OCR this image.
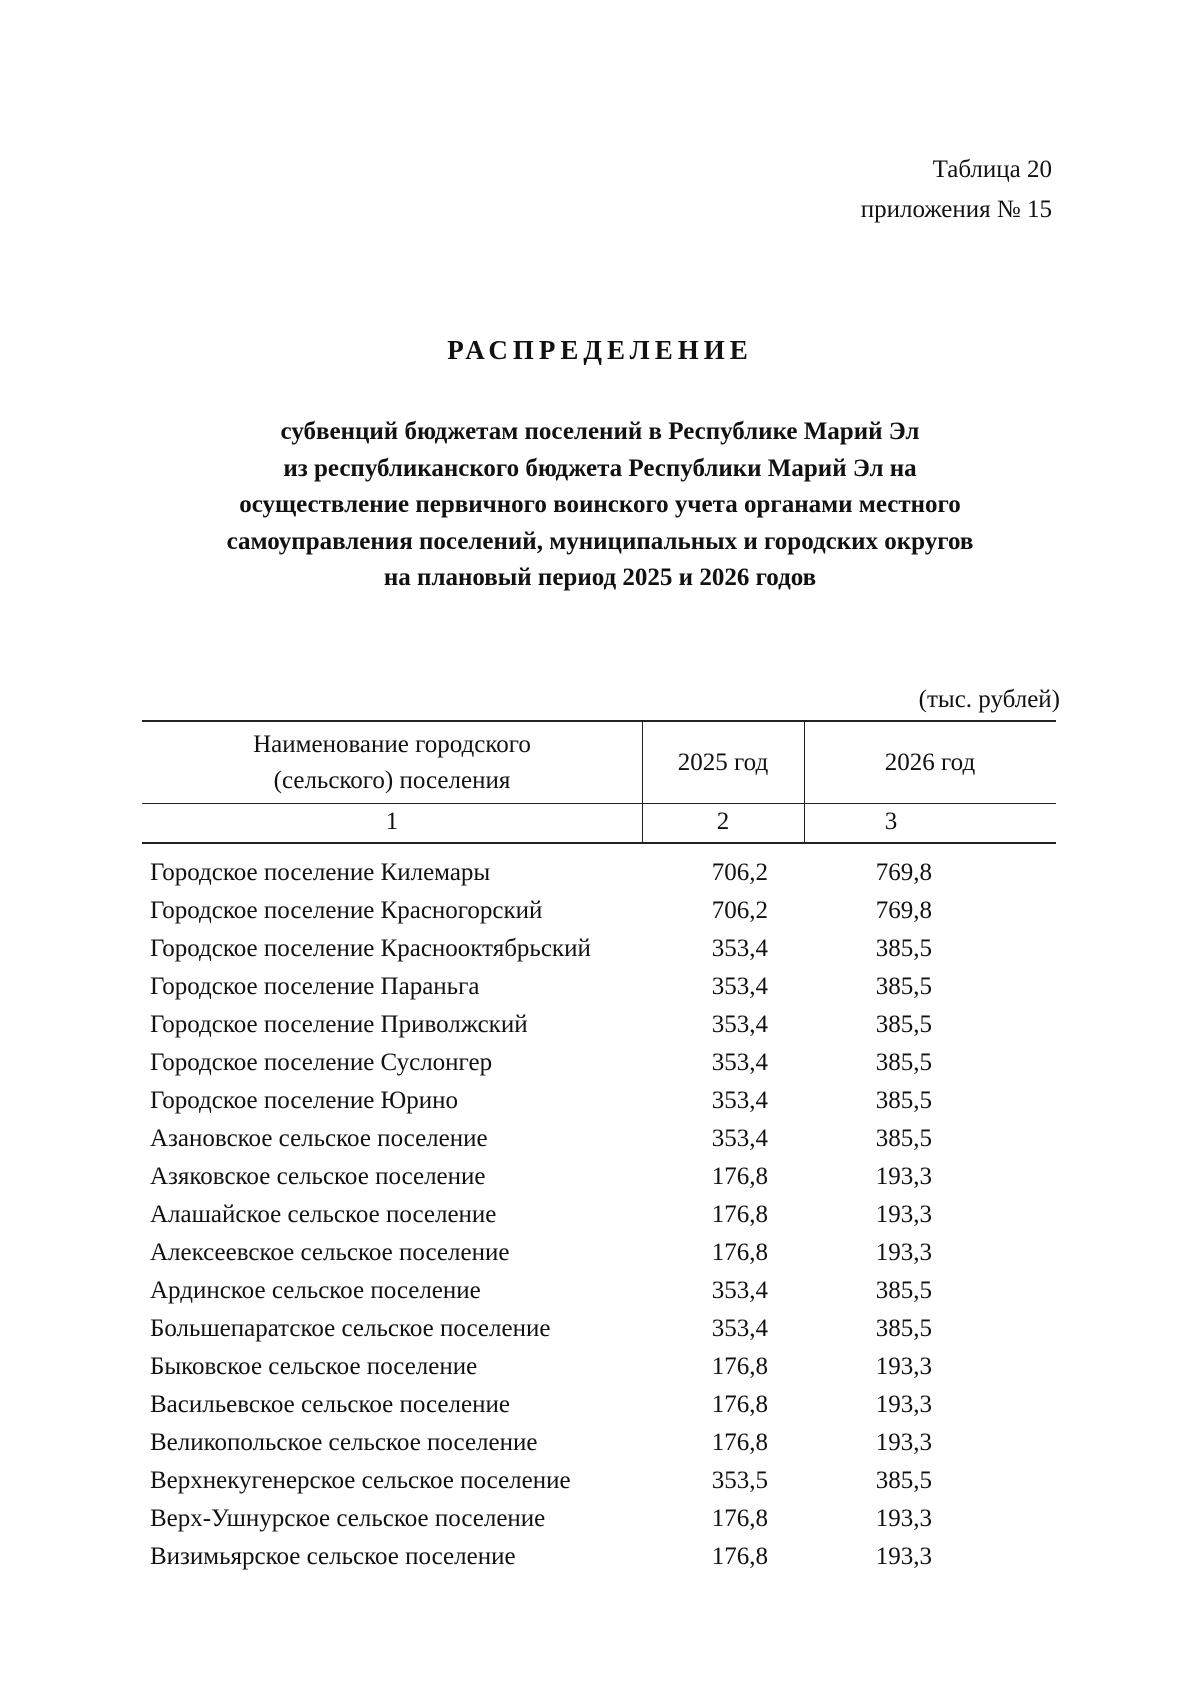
Таблица 20
приложения № 15
РАСПРЕДЕЛЕНИЕ
субвенций бюджетам поселений в Республике Марий Эл
из республиканского бюджета Республики Марий Эл на
осуществление первичного воинского учета органами местного
самоуправления поселений, муниципальных и городских округов
на плановый период 2025 и 2026 годов
(тыс. рублей)
Наименование городского
(сельского) поселения
2025 год	2026 год
1	2	3
Городское поселение Килемары	706,2	769,8
Городское поселение Красногорский	706,2	769,8
Городское поселение Краснооктябрьский	353,4	385,5
Городское поселение Параньга	353,4	385,5
Городское поселение Приволжский	353,4	385,5
Городское поселение Суслонгер	353,4	385,5
Городское поселение Юрино	353,4	385,5
Азановское сельское поселение	353,4	385,5
Азяковское сельское поселение	176,8	193,3
Алашайское сельское поселение	176,8	193,3
Алексеевское сельское поселение	176,8	193,3
Ардинское сельское поселение	353,4	385,5
Большепаратское сельское поселение	353,4	385,5
Быковское сельское поселение	176,8	193,3
Васильевское сельское поселение	176,8	193,3
Великопольское сельское поселение	176,8	193,3
Верхнекугенерское сельское поселение	353,5	385,5
Верх-Ушнурское сельское поселение	176,8	193,3
Визимьярское сельское поселение	176,8	193,3
